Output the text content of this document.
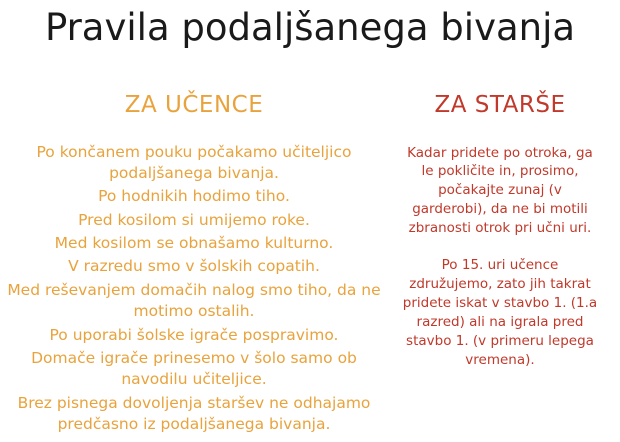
Pravila podaljšanega bivanja
ZA UČENCE
Po končanem pouku počakamo učiteljico podaljšanega bivanja.
Po hodnikih hodimo tiho.
Pred kosilom si umijemo roke.
Med kosilom se obnašamo kulturno.
V razredu smo v šolskih copatih.
Med reševanjem domačih nalog smo tiho, da ne motimo ostalih.
Po uporabi šolske igrače pospravimo.
Domače igrače prinesemo v šolo samo ob navodilu učiteljice.
Brez pisnega dovoljenja staršev ne odhajamo predčasno iz podaljšanega bivanja.
ZA STARŠE
Kadar pridete po otroka, ga le pokličite in, prosimo, počakajte zunaj (v garderobi), da ne bi motili zbranosti otrok pri učni uri.
Po 15. uri učence združujemo, zato jih takrat pridete iskat v stavbo 1. (1.a razred) ali na igrala pred stavbo 1. (v primeru lepega vremena).
